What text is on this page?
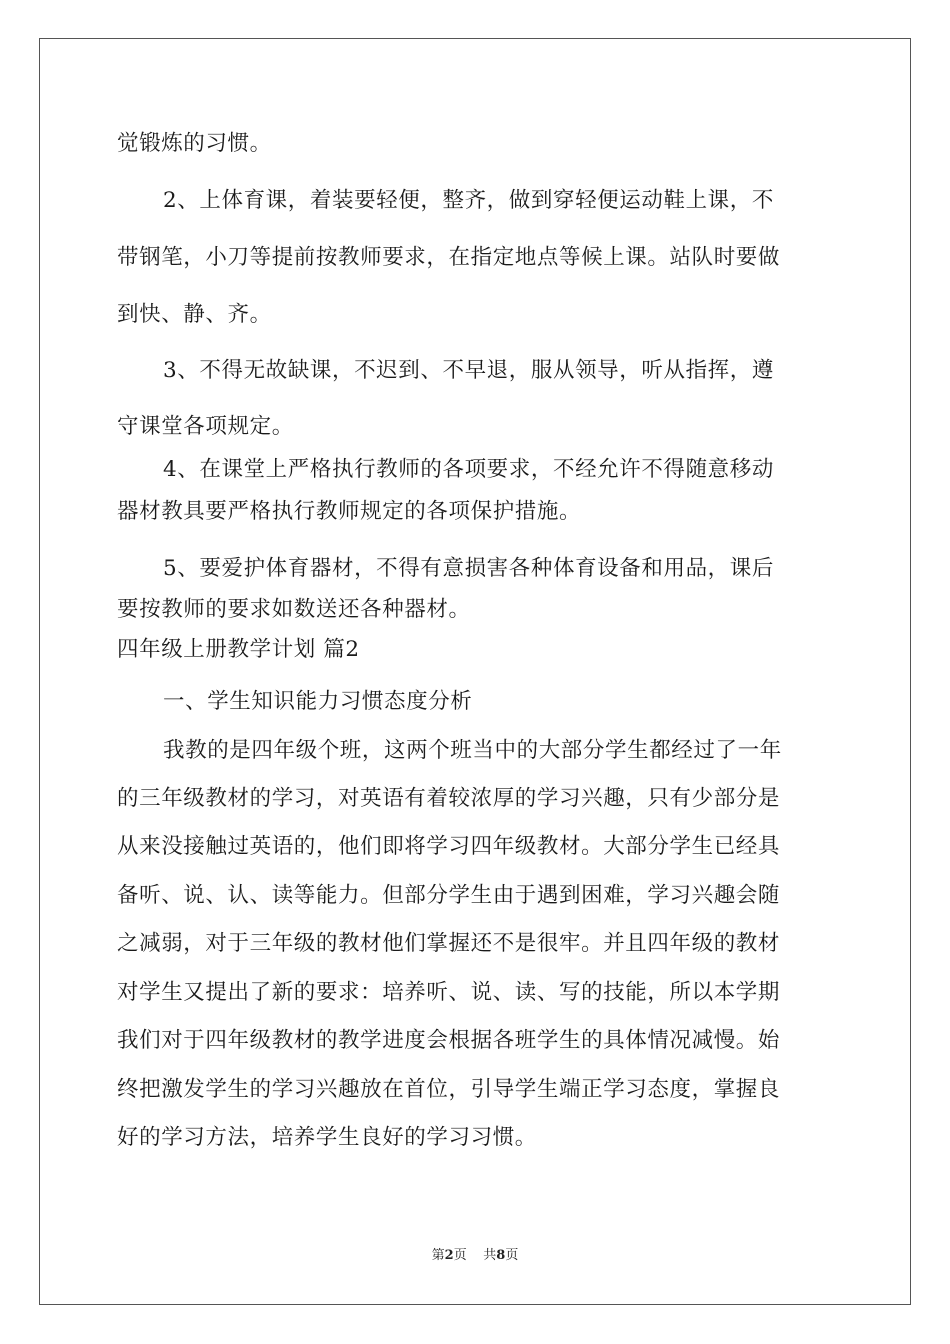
觉锻炼的习惯。
2、上体育课，着装要轻便，整齐，做到穿轻便运动鞋上课，不
带钢笔，小刀等提前按教师要求，在指定地点等候上课。站队时要做
到快、静、齐。
3、不得无故缺课，不迟到、不早退，服从领导，听从指挥，遵
守课堂各项规定。
4、在课堂上严格执行教师的各项要求，不经允许不得随意移动
器材教具要严格执行教师规定的各项保护措施。
5、要爱护体育器材，不得有意损害各种体育设备和用品，课后
要按教师的要求如数送还各种器材。
四年级上册教学计划 篇2
一、学生知识能力习惯态度分析
我教的是四年级个班，这两个班当中的大部分学生都经过了一年
的三年级教材的学习，对英语有着较浓厚的学习兴趣，只有少部分是
从来没接触过英语的，他们即将学习四年级教材。大部分学生已经具
备听、说、认、读等能力。但部分学生由于遇到困难，学习兴趣会随
之减弱，对于三年级的教材他们掌握还不是很牢。并且四年级的教材
对学生又提出了新的要求：培养听、说、读、写的技能，所以本学期
我们对于四年级教材的教学进度会根据各班学生的具体情况减慢。始
终把激发学生的学习兴趣放在首位，引导学生端正学习态度，掌握良
好的学习方法，培养学生良好的学习习惯。
第2页 共8页
